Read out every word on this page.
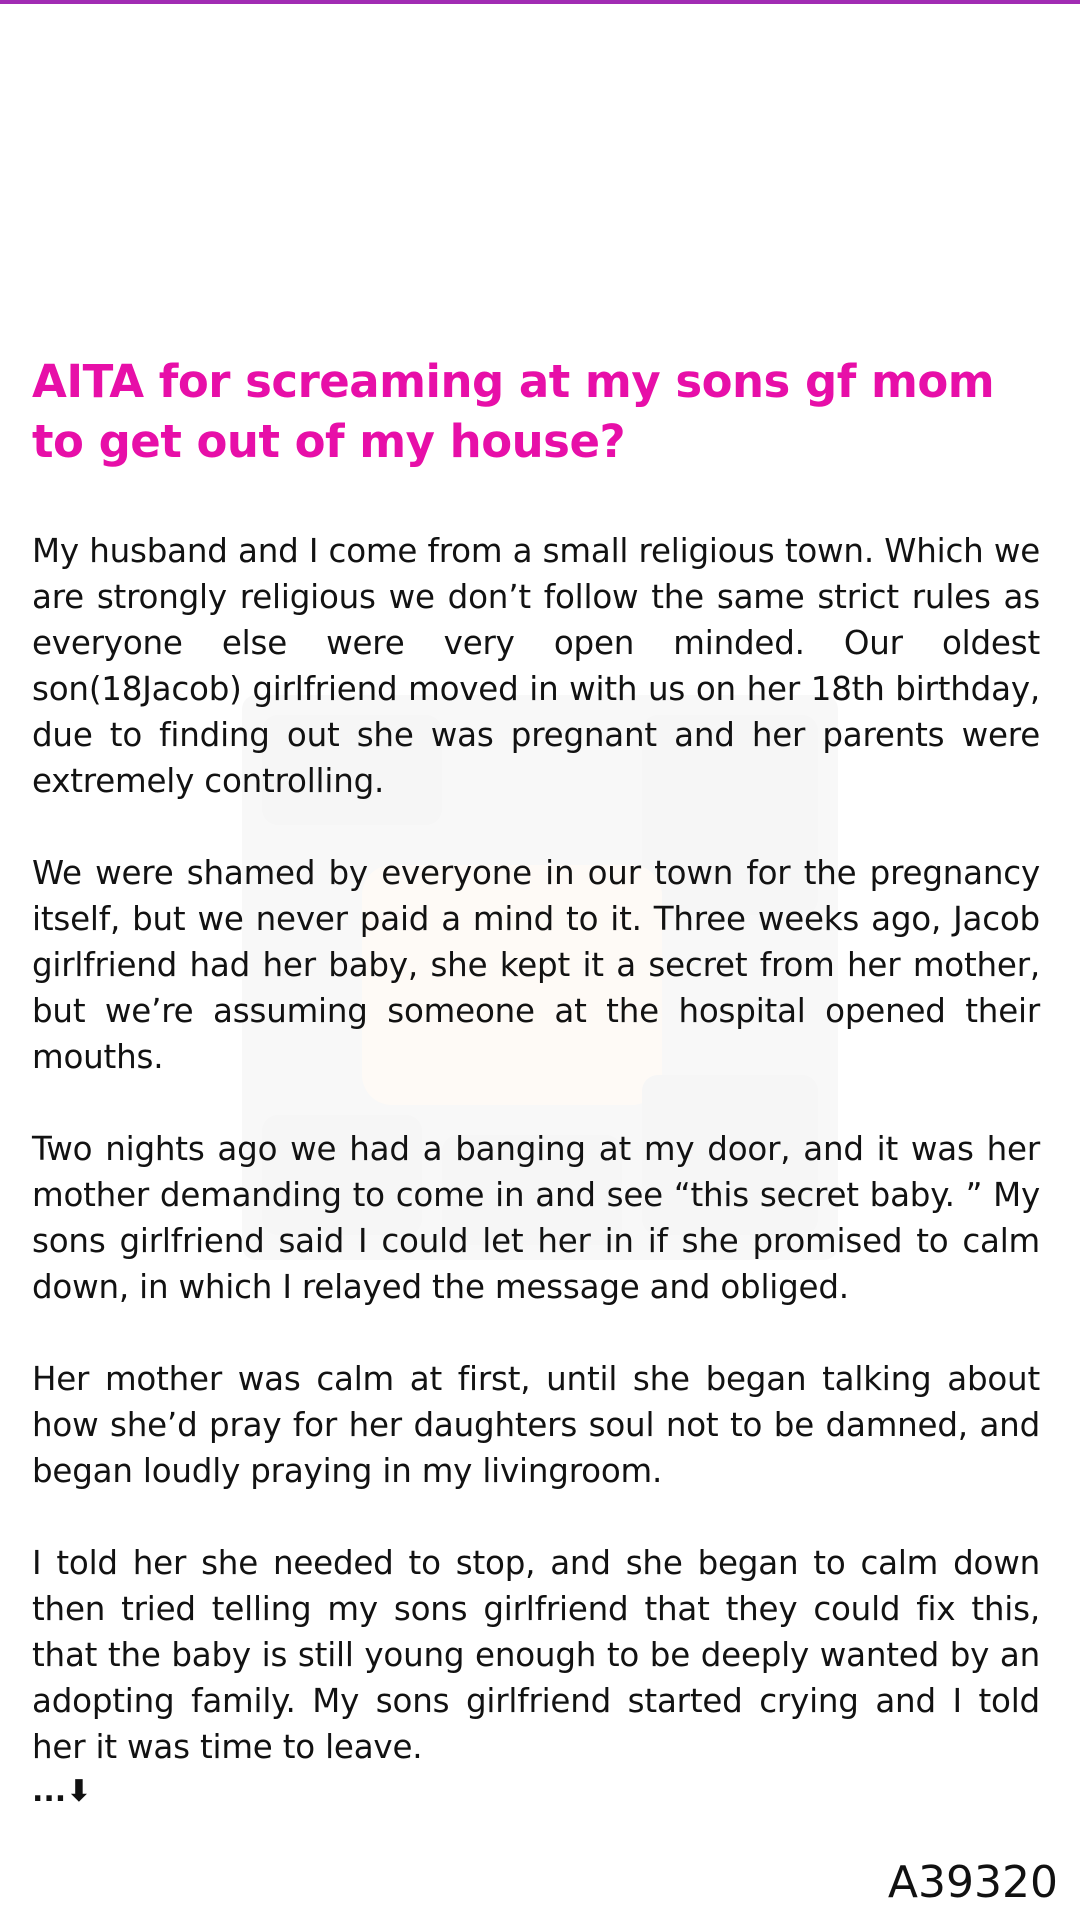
AITA for screaming at my sons gf mom to get out of my house?

My husband and I come from a small religious town. Which we are strongly religious we don’t follow the same strict rules as everyone else were very open minded. Our oldest son(18Jacob) girlfriend moved in with us on her 18th birthday, due to finding out she was pregnant and her parents were extremely controlling.

We were shamed by everyone in our town for the pregnancy itself, but we never paid a mind to it. Three weeks ago, Jacob girlfriend had her baby, she kept it a secret from her mother, but we’re assuming someone at the hospital opened their mouths.

Two nights ago we had a banging at my door, and it was her mother demanding to come in and see “this secret baby. ” My sons girlfriend said I could let her in if she promised to calm down, in which I relayed the message and obliged.

Her mother was calm at first, until she began talking about how she’d pray for her daughters soul not to be damned, and began loudly praying in my livingroom.

I told her she needed to stop, and she began to calm down then tried telling my sons girlfriend that they could fix this, that the baby is still young enough to be deeply wanted by an adopting family. My sons girlfriend started crying and I told her it was time to leave.

...⬇
A39320
